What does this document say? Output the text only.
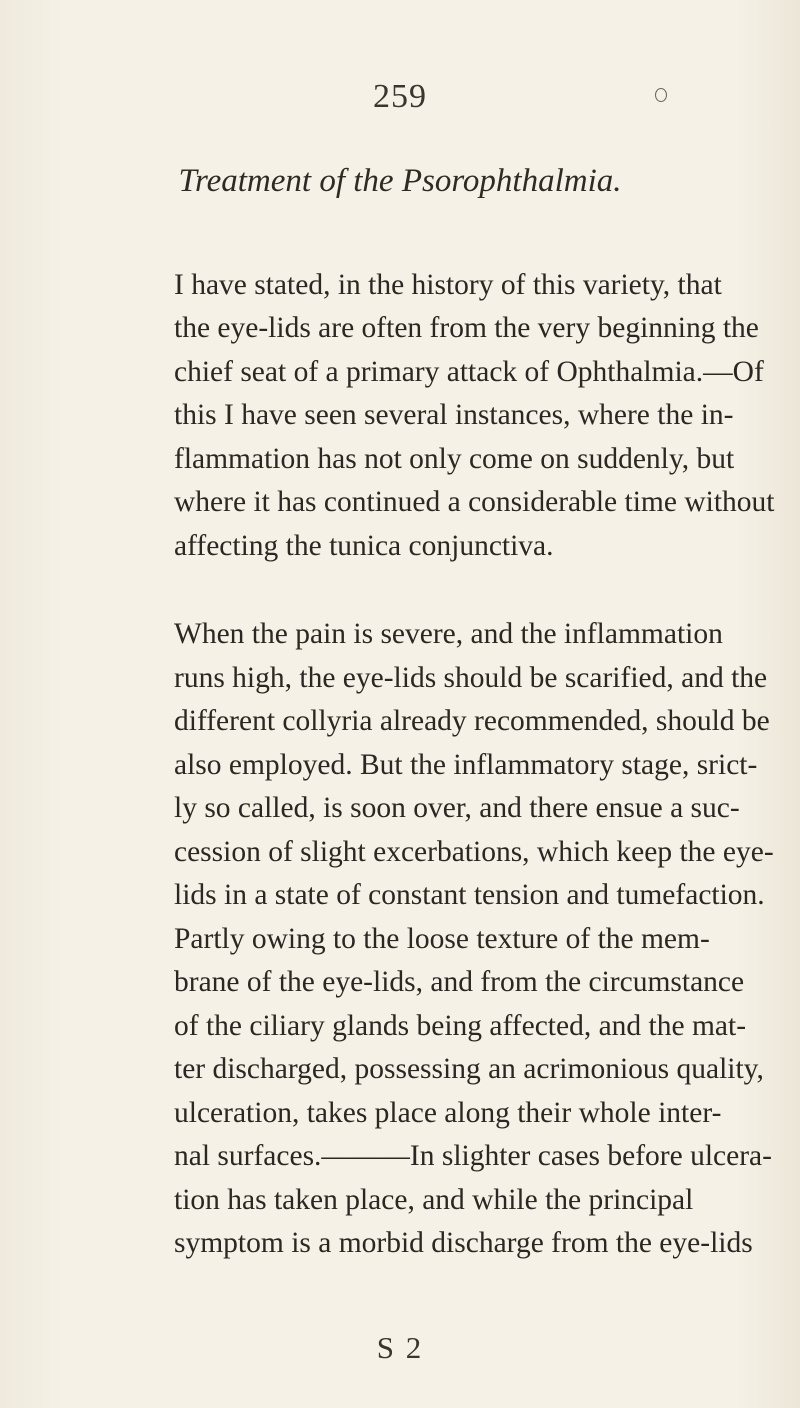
259
Treatment of the Psorophthalmia.
I have stated, in the history of this variety, that
the eye-lids are often from the very beginning the
chief seat of a primary attack of Ophthalmia.—Of
this I have seen several instances, where the in-
flammation has not only come on suddenly, but
where it has continued a considerable time without
affecting the tunica conjunctiva.
When the pain is severe, and the inflammation
runs high, the eye-lids should be scarified, and the
different collyria already recommended, should be
also employed. But the inflammatory stage, srict-
ly so called, is soon over, and there ensue a suc-
cession of slight excerbations, which keep the eye-
lids in a state of constant tension and tumefaction.
Partly owing to the loose texture of the mem-
brane of the eye-lids, and from the circumstance
of the ciliary glands being affected, and the mat-
ter discharged, possessing an acrimonious quality,
ulceration, takes place along their whole inter-
nal surfaces.———In slighter cases before ulcera-
tion has taken place, and while the principal
symptom is a morbid discharge from the eye-lids
S 2
